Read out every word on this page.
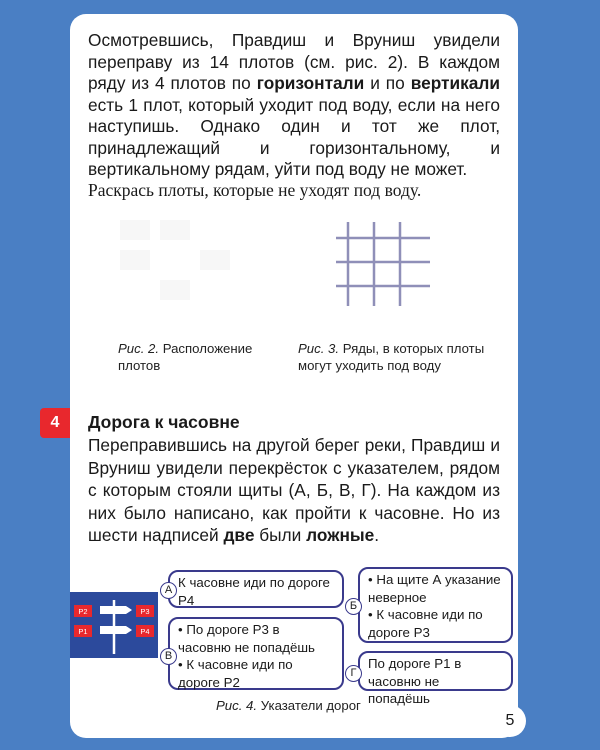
Осмотревшись, Правдиш и Вруниш увидели переправу из 14 плотов (см. рис. 2). В каждом ряду из 4 плотов по горизонтали и по вертикали есть 1 плот, который уходит под воду, если на него наступишь. Однако один и тот же плот, принадлежащий и горизонтальному, и вертикальному рядам, уйти под воду не может.

Раскрась плоты, которые не уходят под воду.

Рис. 2. Расположение плотов
Рис. 3. Ряды, в которых плоты могут уходить под воду
4	Дорога к часовне

Переправившись на другой берег реки, Правдиш и Вруниш увидели перекрёсток с указателем, рядом с которым стояли щиты (А, Б, В, Г). На каждом из них было написано, как пройти к часовне. Но из шести надписей две были ложные.

P2	P3
P1	P4
К часовне иди по дороге Р4
А
• На щите А указание неверное
• К часовне иди по дороге Р3
Б
• По дороге Р3 в часовню не попадёшь
• К часовне иди по дороге Р2
В	По дороге Р1 в часовню не попадёшь
Г
Рис. 4. Указатели дорог
5
